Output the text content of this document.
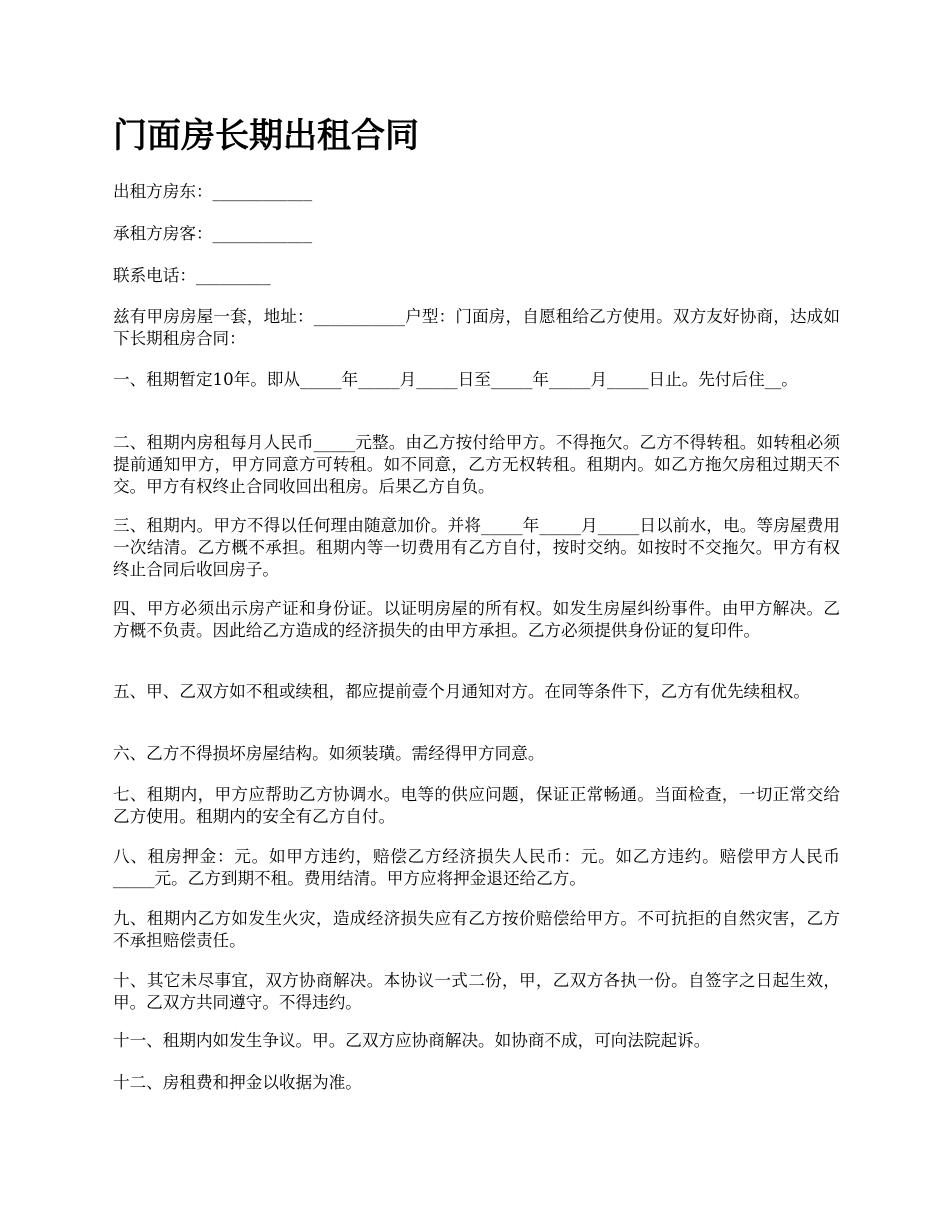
门面房长期出租合同

出租方房东：____________

承租方房客：____________

联系电话：_________

兹有甲房房屋一套，地址：___________户型：门面房，自愿租给乙方使用。双方友好协商，达成如下长期租房合同：

一、租期暂定10年。即从_____年_____月_____日至_____年_____月_____日止。先付后住__。

二、租期内房租每月人民币_____元整。由乙方按付给甲方。不得拖欠。乙方不得转租。如转租必须提前通知甲方，甲方同意方可转租。如不同意，乙方无权转租。租期内。如乙方拖欠房租过期天不交。甲方有权终止合同收回出租房。后果乙方自负。

三、租期内。甲方不得以任何理由随意加价。并将_____年_____月_____日以前水，电。等房屋费用一次结清。乙方概不承担。租期内等一切费用有乙方自付，按时交纳。如按时不交拖欠。甲方有权终止合同后收回房子。

四、甲方必须出示房产证和身份证。以证明房屋的所有权。如发生房屋纠纷事件。由甲方解决。乙方概不负责。因此给乙方造成的经济损失的由甲方承担。乙方必须提供身份证的复印件。

五、甲、乙双方如不租或续租，都应提前壹个月通知对方。在同等条件下，乙方有优先续租权。

六、乙方不得损坏房屋结构。如须装璜。需经得甲方同意。

七、租期内，甲方应帮助乙方协调水。电等的供应问题，保证正常畅通。当面检查，一切正常交给乙方使用。租期内的安全有乙方自付。

八、租房押金：元。如甲方违约，赔偿乙方经济损失人民币：元。如乙方违约。赔偿甲方人民币_____元。乙方到期不租。费用结清。甲方应将押金退还给乙方。

九、租期内乙方如发生火灾，造成经济损失应有乙方按价赔偿给甲方。不可抗拒的自然灾害，乙方不承担赔偿责任。

十、其它未尽事宜，双方协商解决。本协议一式二份，甲，乙双方各执一份。自签字之日起生效，甲。乙双方共同遵守。不得违约。

十一、租期内如发生争议。甲。乙双方应协商解决。如协商不成，可向法院起诉。

十二、房租费和押金以收据为准。
